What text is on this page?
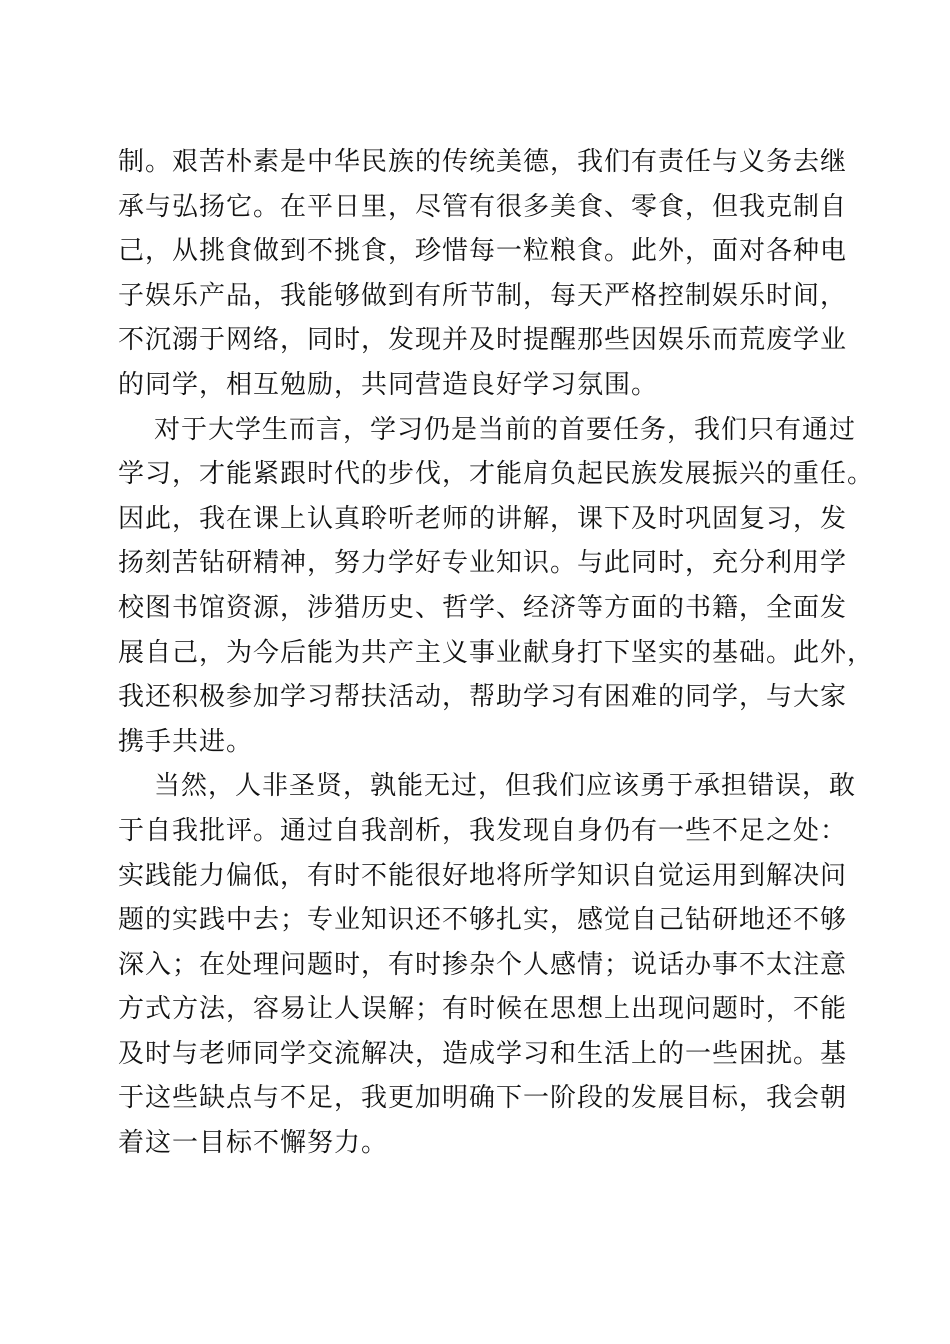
制。艰苦朴素是中华民族的传统美德，我们有责任与义务去继
承与弘扬它。在平日里，尽管有很多美食、零食，但我克制自
己，从挑食做到不挑食，珍惜每一粒粮食。此外，面对各种电
子娱乐产品，我能够做到有所节制，每天严格控制娱乐时间，
不沉溺于网络，同时，发现并及时提醒那些因娱乐而荒废学业
的同学，相互勉励，共同营造良好学习氛围。
对于大学生而言，学习仍是当前的首要任务，我们只有通过
学习，才能紧跟时代的步伐，才能肩负起民族发展振兴的重任。
因此，我在课上认真聆听老师的讲解，课下及时巩固复习，发
扬刻苦钻研精神，努力学好专业知识。与此同时，充分利用学
校图书馆资源，涉猎历史、哲学、经济等方面的书籍，全面发
展自己，为今后能为共产主义事业献身打下坚实的基础。此外，
我还积极参加学习帮扶活动，帮助学习有困难的同学，与大家
携手共进。
当然，人非圣贤，孰能无过，但我们应该勇于承担错误，敢
于自我批评。通过自我剖析，我发现自身仍有一些不足之处：
实践能力偏低，有时不能很好地将所学知识自觉运用到解决问
题的实践中去；专业知识还不够扎实，感觉自己钻研地还不够
深入；在处理问题时，有时掺杂个人感情；说话办事不太注意
方式方法，容易让人误解；有时候在思想上出现问题时，不能
及时与老师同学交流解决，造成学习和生活上的一些困扰。基
于这些缺点与不足，我更加明确下一阶段的发展目标，我会朝
着这一目标不懈努力。
